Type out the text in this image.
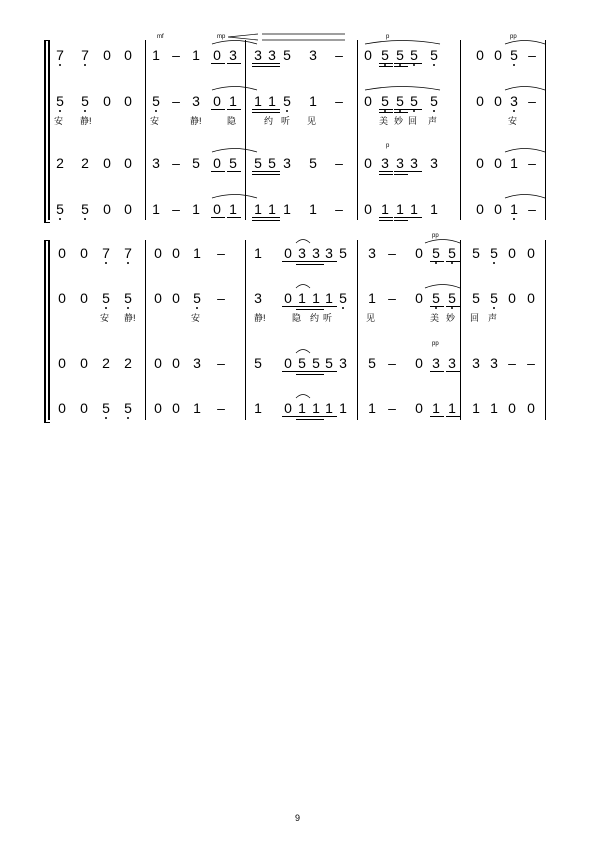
mf	mp	p	pp
p
7 7 0 0 1 – 1 0 3 3 3 5 3 – 0 5 5 5 5	0 0 5 –
5 5 0 0 5 – 3 0 1 1 1 5 1 – 0 5 5 5 5	0 0 3 –
安	静!	安	静!	隐	约 听	见	美 妙 回	声	安
2 2 0 0 3 – 5 0 5 5 5 3 5 – 0 3 3 3 3	0 0 1 –
5 5 0 0 1 – 1 0 1 1 1 1 1 – 0 1 1 1 1	0 0 1 –
pp
pp
0 0 7 7 0 0 1 – 1 0 3 3 3 5 3 – 0 5 5 5 5 0 0
0 0 5 5 0 0 5 – 3 0 1 1 1 5 1 – 0 5 5 5 5 0 0
安	静!	安	静!	隐 约 听	见	美 妙	回 声
0 0 2 2 0 0 3 – 5 0 5 5 5 3 5 – 0 3 3 3 3 – –
0 0 5 5 0 0 1 – 1 0 1 1 1 1 1 – 0 1 1 1 1 0 0
9
